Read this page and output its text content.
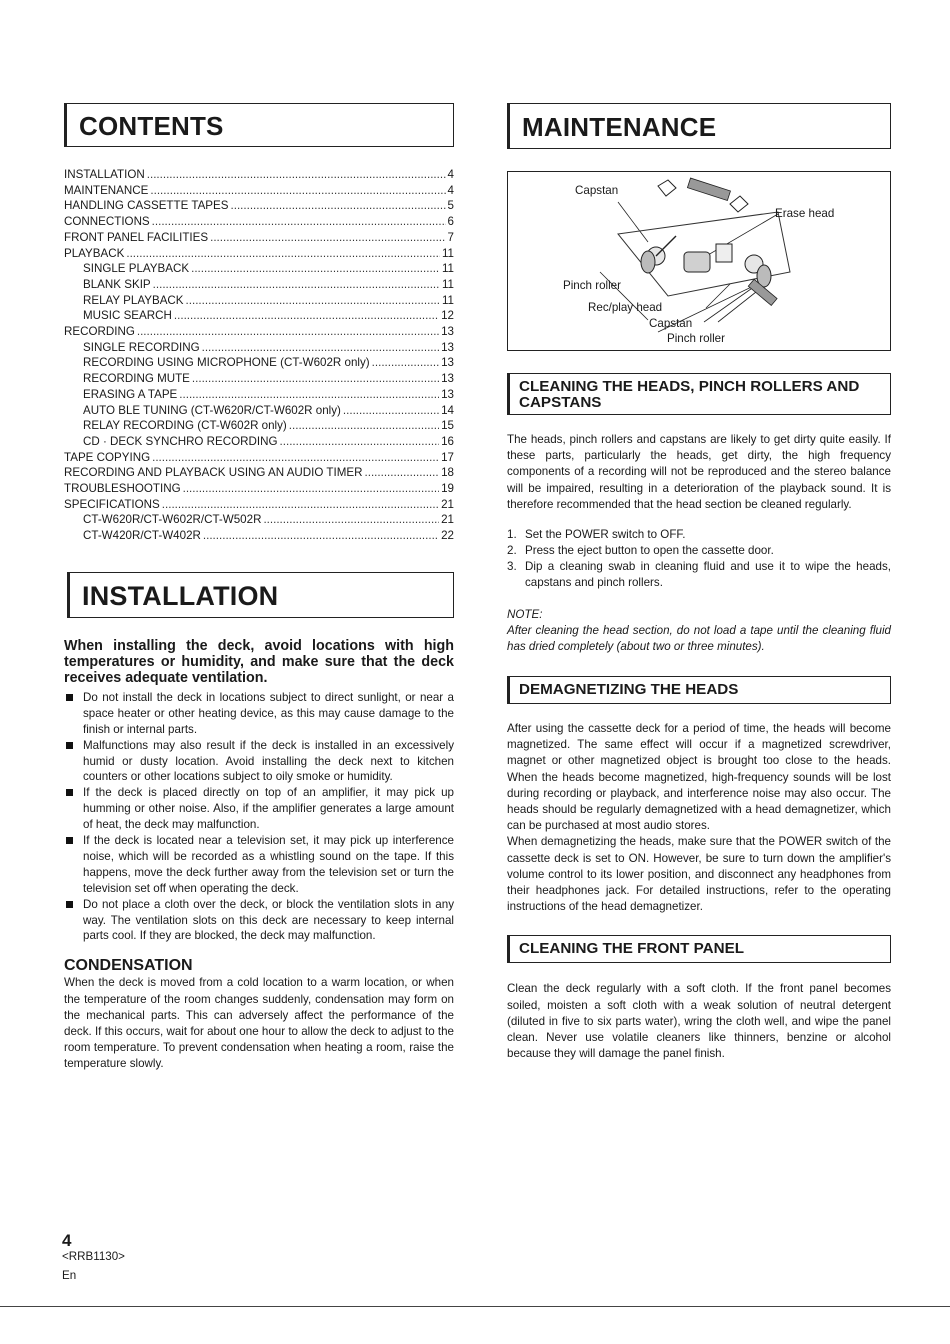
CONTENTS
INSTALLATION .....	4
MAINTENANCE .....	4
HANDLING CASSETTE TAPES .....	5
CONNECTIONS .....	6
FRONT PANEL FACILITIES .....	7
PLAYBACK .....	11
SINGLE PLAYBACK .....	11
BLANK SKIP .....	11
RELAY PLAYBACK .....	11
MUSIC SEARCH .....	12
RECORDING .....	13
SINGLE RECORDING .....	13
RECORDING USING MICROPHONE (CT-W602R only) .....	13
RECORDING MUTE .....	13
ERASING A TAPE .....	13
AUTO BLE TUNING (CT-W620R/CT-W602R only) .....	14
RELAY RECORDING (CT-W602R only) .....	15
CD · DECK SYNCHRO RECORDING .....	16
TAPE COPYING .....	17
RECORDING AND PLAYBACK USING AN AUDIO TIMER .....	18
TROUBLESHOOTING .....	19
SPECIFICATIONS .....	21
CT-W620R/CT-W602R/CT-W502R .....	21
CT-W420R/CT-W402R .....	22
INSTALLATION
When installing the deck, avoid locations with high temperatures or humidity, and make sure that the deck receives adequate ventilation.
Do not install the deck in locations subject to direct sunlight, or near a space heater or other heating device, as this may cause damage to the finish or internal parts.
Malfunctions may also result if the deck is installed in an excessively humid or dusty location. Avoid installing the deck next to kitchen counters or other locations subject to oily smoke or humidity.
If the deck is placed directly on top of an amplifier, it may pick up humming or other noise. Also, if the amplifier generates a large amount of heat, the deck may malfunction.
If the deck is located near a television set, it may pick up interference noise, which will be recorded as a whistling sound on the tape. If this happens, move the deck further away from the television set or turn the television set off when operating the deck.
Do not place a cloth over the deck, or block the ventilation slots in any way. The ventilation slots on this deck are necessary to keep internal parts cool. If they are blocked, the deck may malfunction.
CONDENSATION

When the deck is moved from a cold location to a warm location, or when the temperature of the room changes suddenly, condensation may form on the mechanical parts. This can adversely affect the performance of the deck. If this occurs, wait for about one hour to allow the deck to adjust to the room temperature. To prevent condensation when heating a room, raise the temperature slowly.

MAINTENANCE
Capstan
Erase head
Pinch roller
Rec/play head
Capstan
Pinch roller
CLEANING THE HEADS, PINCH ROLLERS AND CAPSTANS

The heads, pinch rollers and capstans are likely to get dirty quite easily. If these parts, particularly the heads, get dirty, the high frequency components of a recording will not be reproduced and the stereo balance will be impaired, resulting in a deterioration of the playback sound. It is therefore recommended that the head section be cleaned regularly.

1. Set the POWER switch to OFF.
2. Press the eject button to open the cassette door.
3. Dip a cleaning swab in cleaning fluid and use it to wipe the heads, capstans and pinch rollers.
NOTE:
After cleaning the head section, do not load a tape until the cleaning fluid has dried completely (about two or three minutes).
DEMAGNETIZING THE HEADS

After using the cassette deck for a period of time, the heads will become magnetized. The same effect will occur if a magnetized screwdriver, magnet or other magnetized object is brought too close to the heads. When the heads become magnetized, high-frequency sounds will be lost during recording or playback, and interference noise may also occur. The heads should be regularly demagnetized with a head demagnetizer, which can be purchased at most audio stores.

When demagnetizing the heads, make sure that the POWER switch of the cassette deck is set to ON. However, be sure to turn down the amplifier's volume control to its lower position, and disconnect any headphones from their headphones jack. For detailed instructions, refer to the operating instructions of the head demagnetizer.

CLEANING THE FRONT PANEL

Clean the deck regularly with a soft cloth. If the front panel becomes soiled, moisten a soft cloth with a weak solution of neutral detergent (diluted in five to six parts water), wring the cloth well, and wipe the panel clean. Never use volatile cleaners like thinners, benzine or alcohol because they will damage the panel finish.

4
<RRB1130>
En
